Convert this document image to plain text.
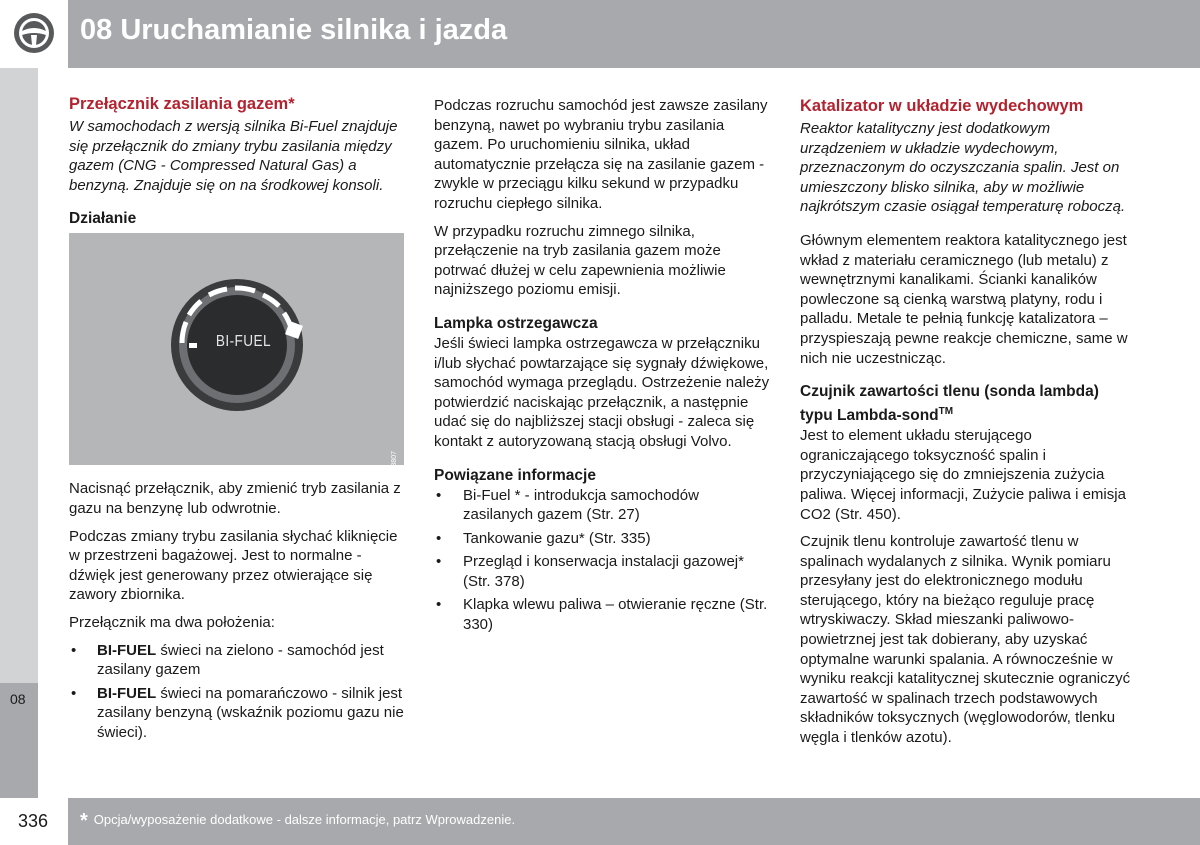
08 Uruchamianie silnika i jazda
08
Przełącznik zasilania gazem*

W samochodach z wersją silnika Bi-Fuel znajduje się przełącznik do zmiany trybu zasilania między gazem (CNG - Compressed Natural Gas) a benzyną. Znajduje się on na środkowej konsoli.

Działanie
BI-FUEL
G053807

Nacisnąć przełącznik, aby zmienić tryb zasilania z gazu na benzynę lub odwrotnie.

Podczas zmiany trybu zasilania słychać kliknięcie w przestrzeni bagażowej. Jest to normalne - dźwięk jest generowany przez otwierające się zawory zbiornika.

Przełącznik ma dwa położenia:

• BI-FUEL świeci na zielono - samochód jest zasilany gazem
• BI-FUEL świeci na pomarańczowo - silnik jest zasilany benzyną (wskaźnik poziomu gazu nie świeci).

Podczas rozruchu samochód jest zawsze zasilany benzyną, nawet po wybraniu trybu zasilania gazem. Po uruchomieniu silnika, układ automatycznie przełącza się na zasilanie gazem - zwykle w przeciągu kilku sekund w przypadku rozruchu ciepłego silnika.

W przypadku rozruchu zimnego silnika, przełączenie na tryb zasilania gazem może potrwać dłużej w celu zapewnienia możliwie najniższego poziomu emisji.

Lampka ostrzegawcza

Jeśli świeci lampka ostrzegawcza w przełączniku i/lub słychać powtarzające się sygnały dźwiękowe, samochód wymaga przeglądu. Ostrzeżenie należy potwierdzić naciskając przełącznik, a następnie udać się do najbliższej stacji obsługi - zaleca się kontakt z autoryzowaną stacją obsługi Volvo.

Powiązane informacje
• Bi-Fuel * - introdukcja samochodów zasilanych gazem (Str. 27)
• Tankowanie gazu* (Str. 335)
• Przegląd i konserwacja instalacji gazowej* (Str. 378)
• Klapka wlewu paliwa – otwieranie ręczne (Str. 330)
Katalizator w układzie wydechowym

Reaktor katalityczny jest dodatkowym urządzeniem w układzie wydechowym, przeznaczonym do oczyszczania spalin. Jest on umieszczony blisko silnika, aby w możliwie najkrótszym czasie osiągał temperaturę roboczą.

Głównym elementem reaktora katalitycznego jest wkład z materiału ceramicznego (lub metalu) z wewnętrznymi kanalikami. Ścianki kanalików powleczone są cienką warstwą platyny, rodu i palladu. Metale te pełnią funkcję katalizatora – przyspieszają pewne reakcje chemiczne, same w nich nie uczestnicząc.

Czujnik zawartości tlenu (sonda lambda) typu Lambda-sond™

Jest to element układu sterującego ograniczającego toksyczność spalin i przyczyniającego się do zmniejszenia zużycia paliwa. Więcej informacji, Zużycie paliwa i emisja CO2 (Str. 450).

Czujnik tlenu kontroluje zawartość tlenu w spalinach wydalanych z silnika. Wynik pomiaru przesyłany jest do elektronicznego modułu sterującego, który na bieżąco reguluje pracę wtryskiwaczy. Skład mieszanki paliwowo-powietrznej jest tak dobierany, aby uzyskać optymalne warunki spalania. A równocześnie w wyniku reakcji katalitycznej skutecznie ograniczyć zawartość w spalinach trzech podstawowych składników toksycznych (węglowodorów, tlenku węgla i tlenków azotu).

336 * Opcja/wyposażenie dodatkowe - dalsze informacje, patrz Wprowadzenie.
